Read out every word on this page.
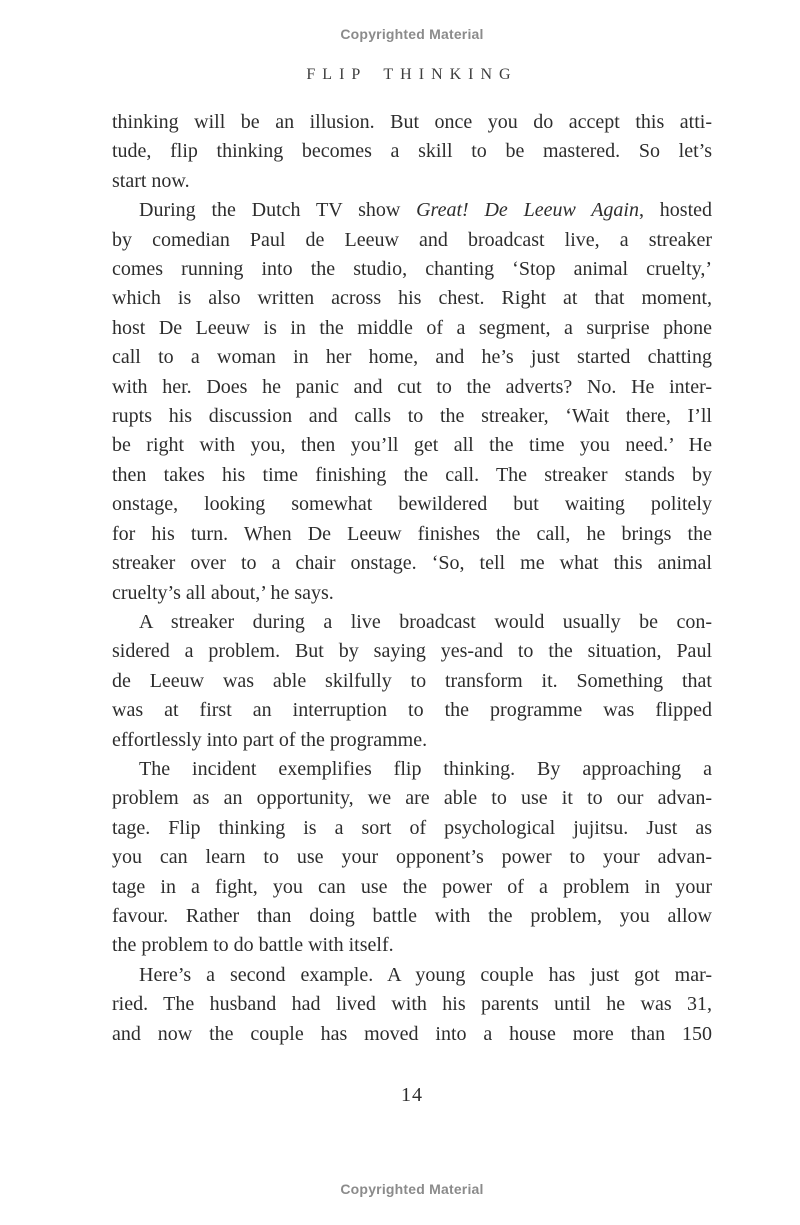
Copyrighted Material
FLIP THINKING
thinking will be an illusion. But once you do accept this atti-
tude, flip thinking becomes a skill to be mastered. So let’s
start now.
During the Dutch TV show Great! De Leeuw Again, hosted
by comedian Paul de Leeuw and broadcast live, a streaker
comes running into the studio, chanting ‘Stop animal cruelty,’
which is also written across his chest. Right at that moment,
host De Leeuw is in the middle of a segment, a surprise phone
call to a woman in her home, and he’s just started chatting
with her. Does he panic and cut to the adverts? No. He inter-
rupts his discussion and calls to the streaker, ‘Wait there, I’ll
be right with you, then you’ll get all the time you need.’ He
then takes his time finishing the call. The streaker stands by
onstage, looking somewhat bewildered but waiting politely
for his turn. When De Leeuw finishes the call, he brings the
streaker over to a chair onstage. ‘So, tell me what this animal
cruelty’s all about,’ he says.
A streaker during a live broadcast would usually be con-
sidered a problem. But by saying yes-and to the situation, Paul
de Leeuw was able skilfully to transform it. Something that
was at first an interruption to the programme was flipped
effortlessly into part of the programme.
The incident exemplifies flip thinking. By approaching a
problem as an opportunity, we are able to use it to our advan-
tage. Flip thinking is a sort of psychological jujitsu. Just as
you can learn to use your opponent’s power to your advan-
tage in a fight, you can use the power of a problem in your
favour. Rather than doing battle with the problem, you allow
the problem to do battle with itself.
Here’s a second example. A young couple has just got mar-
ried. The husband had lived with his parents until he was 31,
and now the couple has moved into a house more than 150
14
Copyrighted Material
